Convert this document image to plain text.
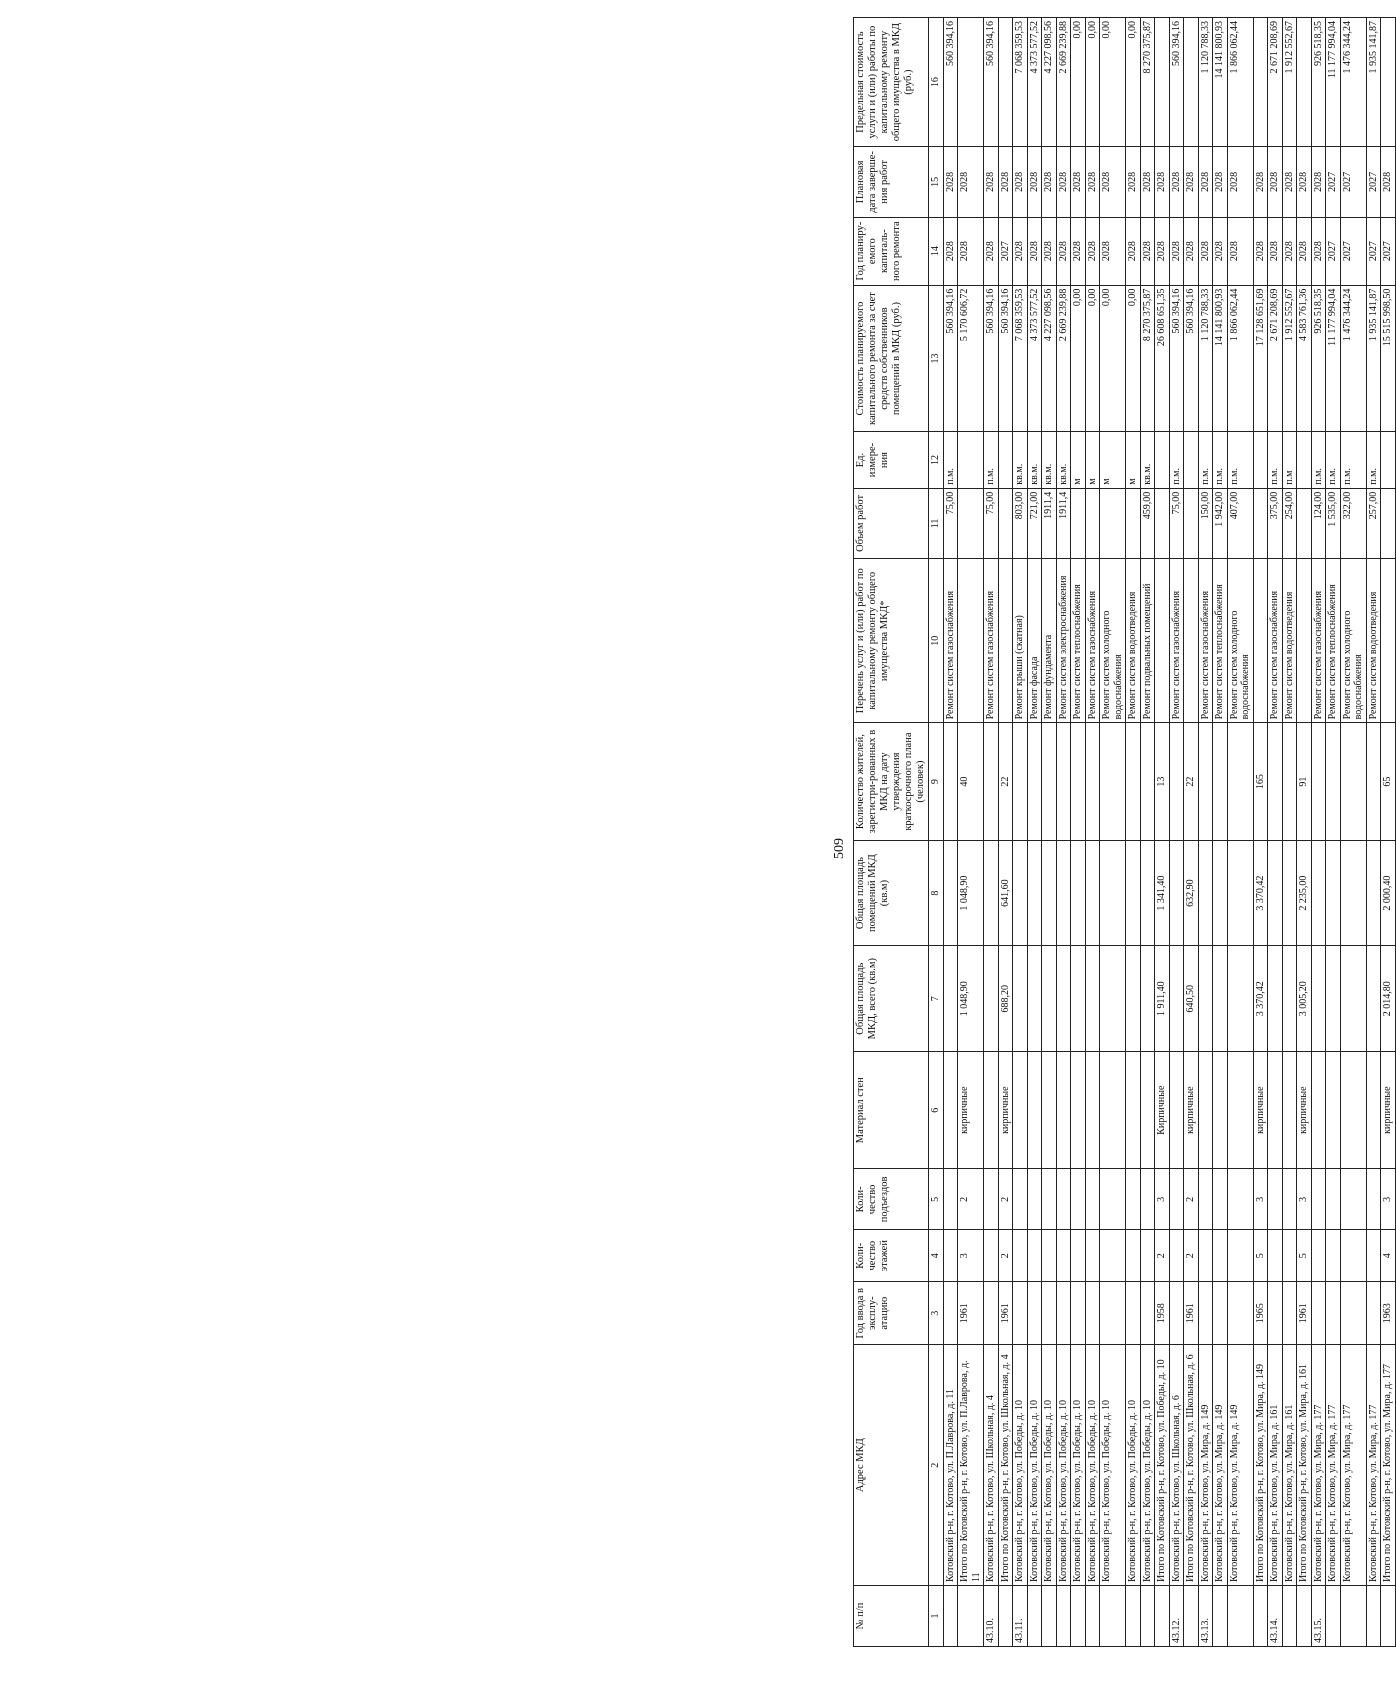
509
№ п/п	Адрес МКД	Год ввода в эксплу-атацию	Коли-чество этажей	Коли-чество подъездов	Материал стен	Общая площадь МКД, всего (кв.м)	Общая площадь помещений МКД (кв.м)	Количество жителей, зарегистри-рованных в МКД на дату утверждения краткосрочного плана (человек)	Перечень услуг и (или) работ по капитальному ремонту общего имущества МКД*	Объем работ	Ед. измере-ния	Стоимость планируемого капитального ремонта за счет средств собственников помещений в МКД (руб.)	Год планиру-емого капиталь-ного ремонта	Плановая дата заверше-ния работ	Предельная стоимость услуги и (или) работы по капитальному ремонту общего имущества в МКД (руб.)
1	2	3	4	5	6	7	8	9	10	11	12	13	14	15	16
	Котовский р-н, г. Котово, ул. П.Лаврова, д. 11								Ремонт систем газоснабжения	75,00	п.м.	560 394,16	2028	2028	560 394,16
	Итого по Котовский р-н, г. Котово, ул. П.Лаврова, д. 11	1961	3	2	кирпичные	1 048,90	1 048,90	40				5 170 606,72	2028	2028	
43.10.	Котовский р-н, г. Котово, ул. Школьная, д. 4								Ремонт систем газоснабжения	75,00	п.м.	560 394,16	2028	2028	560 394,16
	Итого по Котовский р-н, г. Котово, ул. Школьная, д. 4	1961	2	2	кирпичные	688,20	641,60	22				560 394,16	2027	2028	
43.11.	Котовский р-н, г. Котово, ул. Победы, д. 10								Ремонт крыши (скатная)	803,00	кв.м.	7 068 359,53	2028	2028	7 068 359,53
	Котовский р-н, г. Котово, ул. Победы, д. 10								Ремонт фасада	721,00	кв.м.	4 373 577,52	2028	2028	4 373 577,52
	Котовский р-н, г. Котово, ул. Победы, д. 10								Ремонт фундамента	1911,4	кв.м.	4 227 098,56	2028	2028	4 227 098,56
	Котовский р-н, г. Котово, ул. Победы, д. 10								Ремонт систем электроснабжения	1911,4	кв.м.	2 669 239,88	2028	2028	2 669 239,88
	Котовский р-н, г. Котово, ул. Победы, д. 10								Ремонт систем теплоснабжения		м	0,00	2028	2028	0,00
	Котовский р-н, г. Котово, ул. Победы, д. 10								Ремонт систем газоснабжения		м	0,00	2028	2028	0,00
	Котовский р-н, г. Котово, ул. Победы, д. 10								Ремонт систем холодного водоснабжения		м	0,00	2028	2028	0,00
	Котовский р-н, г. Котово, ул. Победы, д. 10								Ремонт систем водоотведения		м	0,00	2028	2028	0,00
	Котовский р-н, г. Котово, ул. Победы, д. 10								Ремонт подвальных помещений	459,00	кв.м.	8 270 375,87	2028	2028	8 270 375,87
	Итого по Котовский р-н, г. Котово, ул. Победы, д. 10	1958	2	3	Кирпичные	1 911,40	1 341,40	13				26 608 651,35	2028	2028	
43.12.	Котовский р-н, г. Котово, ул. Школьная, д. 6								Ремонт систем газоснабжения	75,00	п.м.	560 394,16	2028	2028	560 394,16
	Итого по Котовский р-н, г. Котово, ул. Школьная, д. 6	1961	2	2	кирпичные	640,50	632,90	22				560 394,16	2028	2028	
43.13.	Котовский р-н, г. Котово, ул. Мира, д. 149								Ремонт систем газоснабжения	150,00	п.м.	1 120 788,33	2028	2028	1 120 788,33
	Котовский р-н, г. Котово, ул. Мира, д. 149								Ремонт систем теплоснабжения	1 942,00	п.м.	14 141 800,93	2028	2028	14 141 800,93
	Котовский р-н, г. Котово, ул. Мира, д. 149								Ремонт систем холодного водоснабжения	407,00	п.м.	1 866 062,44	2028	2028	1 866 062,44
	Итого по Котовский р-н, г. Котово, ул. Мира, д. 149	1965	5	3	кирпичные	3 370,42	3 370,42	165				17 128 651,69	2028	2028	
43.14.	Котовский р-н, г. Котово, ул. Мира, д. 161								Ремонт систем газоснабжения	375,00	п.м.	2 671 208,69	2028	2028	2 671 208,69
	Котовский р-н, г. Котово, ул. Мира, д. 161								Ремонт систем водоотведения	254,00	п.м	1 912 552,67	2028	2028	1 912 552,67
	Итого по Котовский р-н, г. Котово, ул. Мира, д. 161	1961	5	3	кирпичные	3 005,20	2 235,00	91				4 583 761,36	2028	2028	
43.15.	Котовский р-н, г. Котово, ул. Мира, д. 177								Ремонт систем газоснабжения	124,00	п.м.	926 518,35	2028	2028	926 518,35
	Котовский р-н, г. Котово, ул. Мира, д. 177								Ремонт систем теплоснабжения	1 535,00	п.м.	11 177 994,04	2027	2027	11 177 994,04
	Котовский р-н, г. Котово, ул. Мира, д. 177								Ремонт систем холодного водоснабжения	322,00	п.м.	1 476 344,24	2027	2027	1 476 344,24
	Котовский р-н, г. Котово, ул. Мира, д. 177								Ремонт систем водоотведения	257,00	п.м.	1 935 141,87	2027	2027	1 935 141,87
	Итого по Котовский р-н, г. Котово, ул. Мира, д. 177	1963	4	3	кирпичные	2 014,80	2 000,40	65				15 515 998,50	2027	2028	
